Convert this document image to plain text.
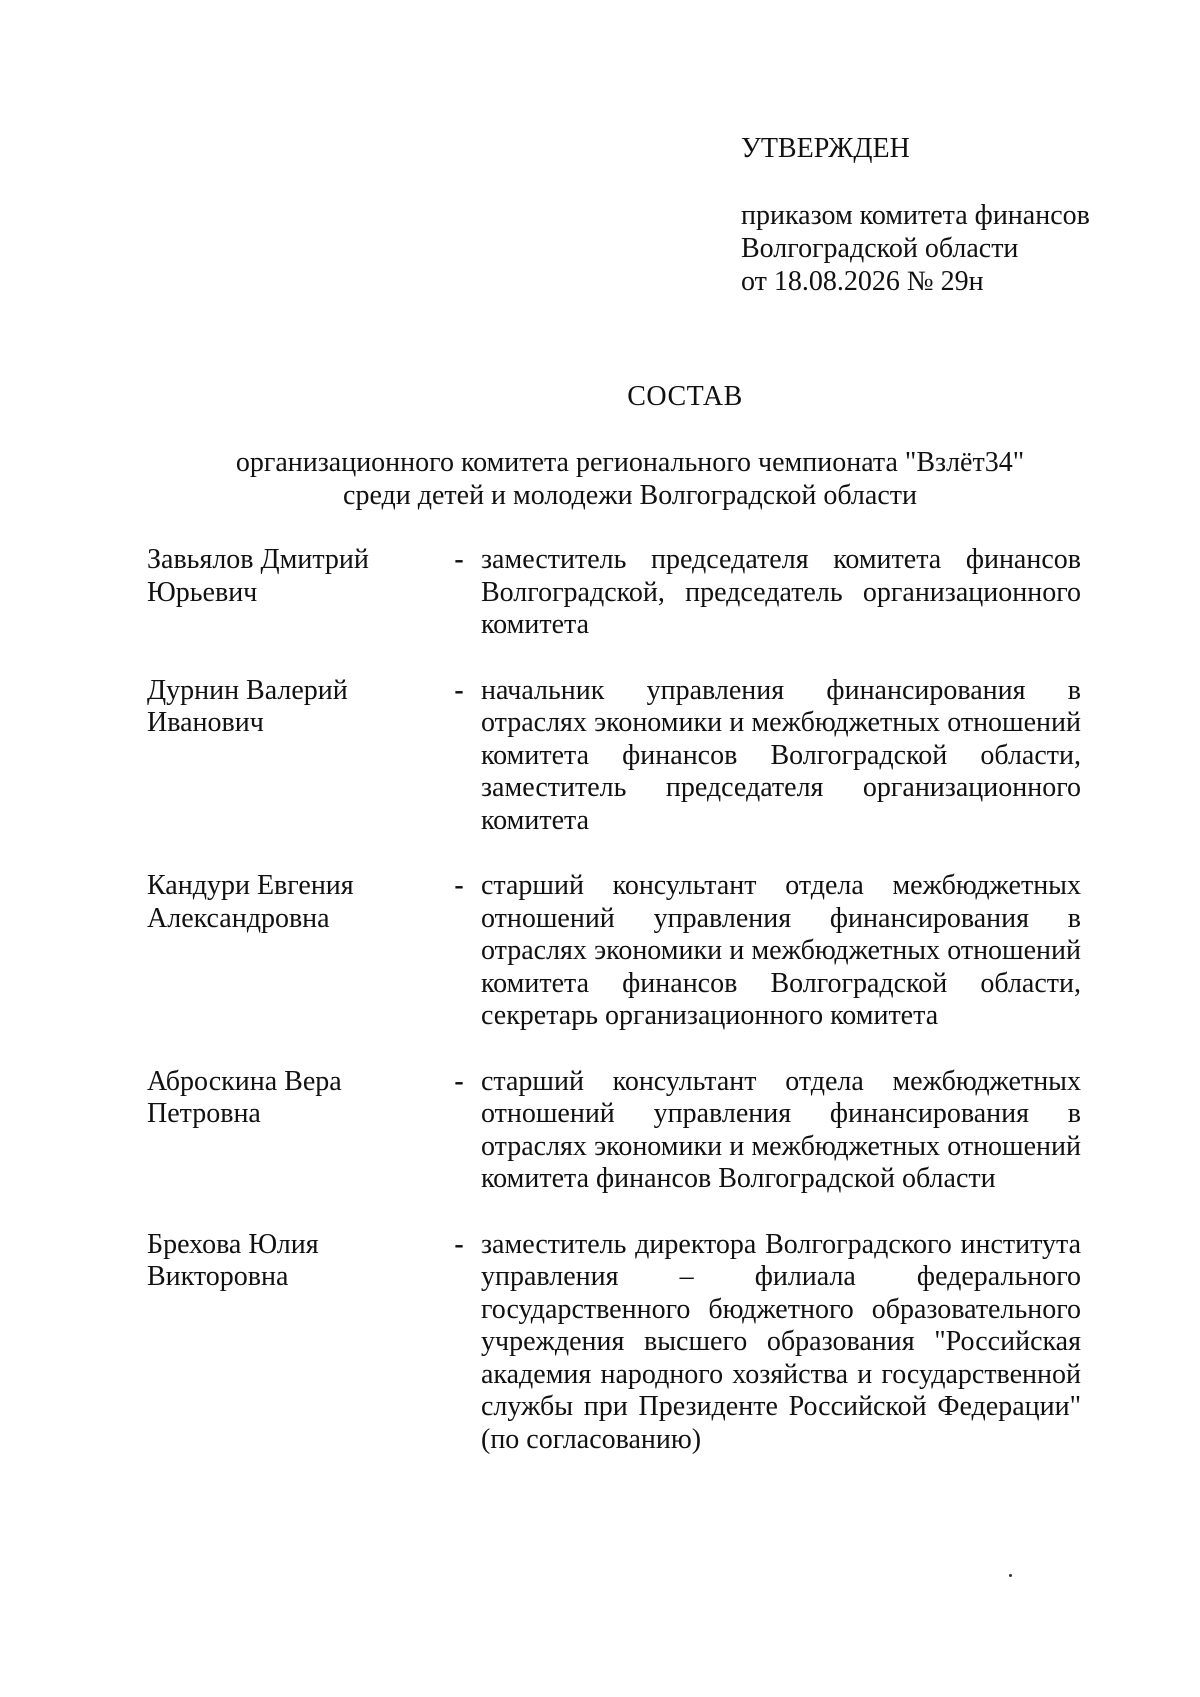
УТВЕРЖДЕН
приказом комитета финансов
Волгоградской области
от 18.08.2026 № 29н
СОСТАВ
организационного комитета регионального чемпионата "Взлёт34"
среди детей и молодежи Волгоградской области
Завьялов Дмитрий
Юрьевич
- заместитель председателя комитета финансов Волгоградской, председатель организационного комитета
Дурнин Валерий
Иванович
- начальник управления финансирования в отраслях экономики и межбюджетных отношений комитета финансов Волгоградской области, заместитель председателя организационного комитета
Кандури Евгения
Александровна
- старший консультант отдела межбюджетных отношений управления финансирования в отраслях экономики и межбюджетных отношений комитета финансов Волгоградской области, секретарь организационного комитета
Аброскина Вера
Петровна
- старший консультант отдела межбюджетных отношений управления финансирования в отраслях экономики и межбюджетных отношений комитета финансов Волгоградской области
Брехова Юлия
Викторовна
- заместитель директора Волгоградского института управления – филиала федерального государственного бюджетного образовательного учреждения высшего образования "Российская академия народного хозяйства и государственной службы при Президенте Российской Федерации" (по согласованию)
